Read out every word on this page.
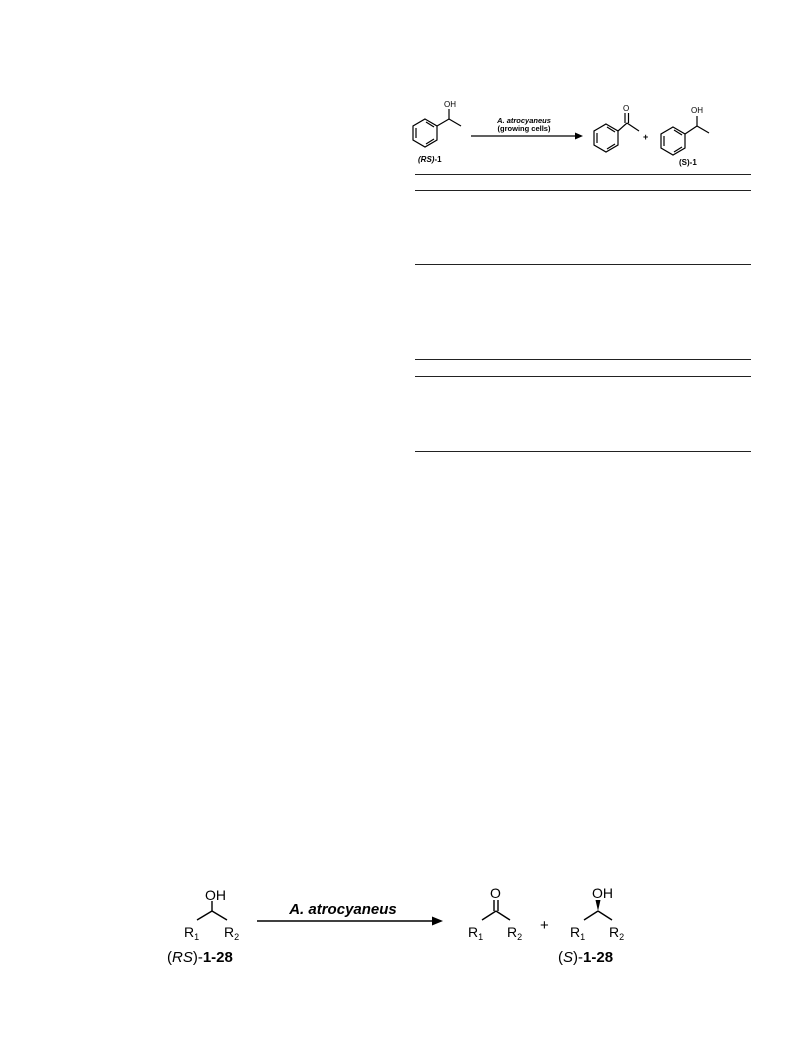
OH
(RS)-1
A. atrocyaneus
(growing cells)
O
+
OH
(S)-1
OH
$R_1$ $R_2$
(RS)-1-28
A. atrocyaneus
O
$R_1$ $R_2$
+
OH
$R_1$ $R_2$
(S)-1-28
